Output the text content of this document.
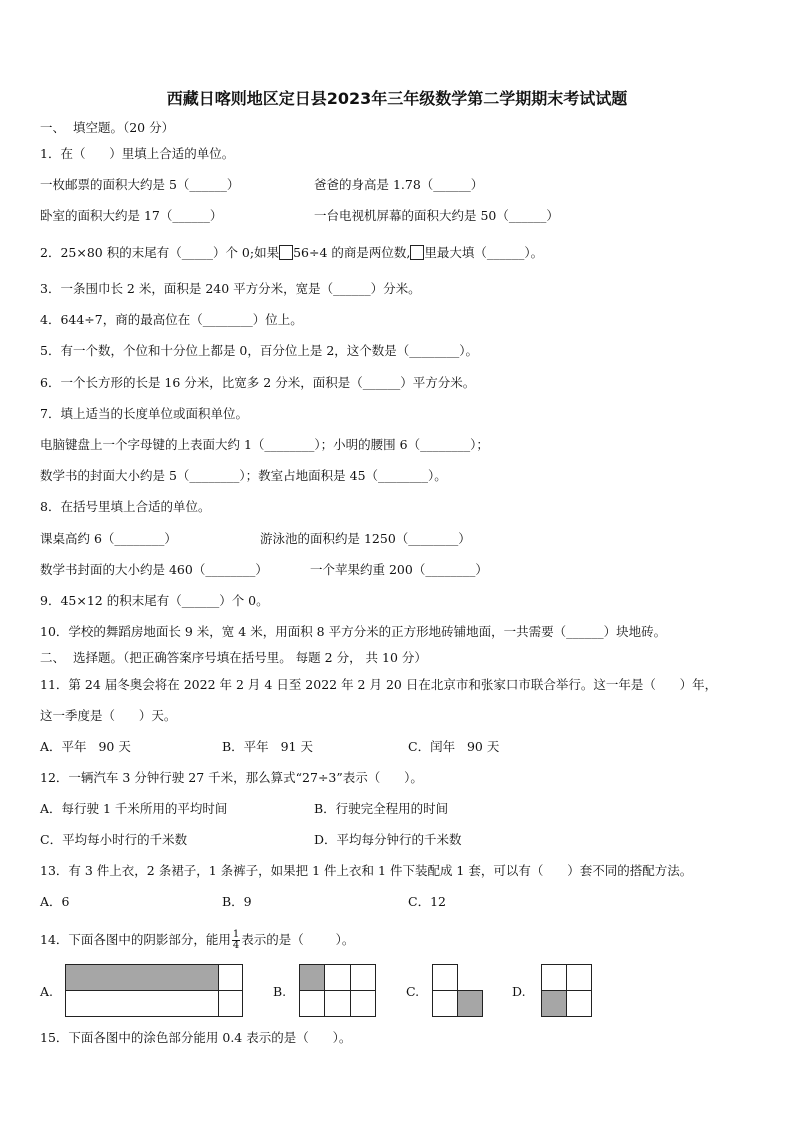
西藏日喀则地区定日县2023年三年级数学第二学期期末考试试题
一、  填空题。（20 分）
1．在（      ）里填上合适的单位。
一枚邮票的面积大约是 5（______）	爸爸的身高是 1.78（______）
卧室的面积大约是 17（______）	一台电视机屏幕的面积大约是 50（______）
2．25×80 积的末尾有（_____）个 0;如果 56÷4 的商是两位数, 里最大填（______）。
3．一条围巾长 2 米，面积是 240 平方分米，宽是（______）分米。
4．644÷7，商的最高位在（________）位上。
5．有一个数，个位和十分位上都是 0，百分位上是 2，这个数是（________）。
6．一个长方形的长是 16 分米，比宽多 2 分米，面积是（______）平方分米。
7．填上适当的长度单位或面积单位。
电脑键盘上一个字母键的上表面大约 1（________）；小明的腰围 6（________）；
数学书的封面大小约是 5（________）；教室占地面积是 45（________）。
8．在括号里填上合适的单位。
课桌高约 6（________）	游泳池的面积约是 1250（________）
数学书封面的大小约是 460（________）	一个苹果约重 200（________）
9．45×12 的积末尾有（______）个 0。
10．学校的舞蹈房地面长 9 米，宽 4 米，用面积 8 平方分米的正方形地砖铺地面，一共需要（______）块地砖。
二、  选择题。（把正确答案序号填在括号里。 每题 2 分， 共 10 分）
11．第 24 届冬奥会将在 2022 年 2 月 4 日至 2022 年 2 月 20 日在北京市和张家口市联合举行。这一年是（      ）年，
这一季度是（      ）天。
A．平年   90 天	B．平年   91 天	C．闰年   90 天
12．一辆汽车 3 分钟行驶 27 千米，那么算式“27÷3”表示（      ）。
A．每行驶 1 千米所用的平均时间	B．行驶完全程用的时间
C．平均每小时行的千米数	D．平均每分钟行的千米数
13．有 3 件上衣，2 条裙子，1 条裤子，如果把 1 件上衣和 1 件下装配成 1 套，可以有（      ）套不同的搭配方法。
A．6	B．9	C．12
14．下面各图中的阴影部分，能用 $\frac{1}{4}$ 表示的是（        ）。
A.	B.	C.	D.
15．下面各图中的涂色部分能用 0.4 表示的是（      ）。
